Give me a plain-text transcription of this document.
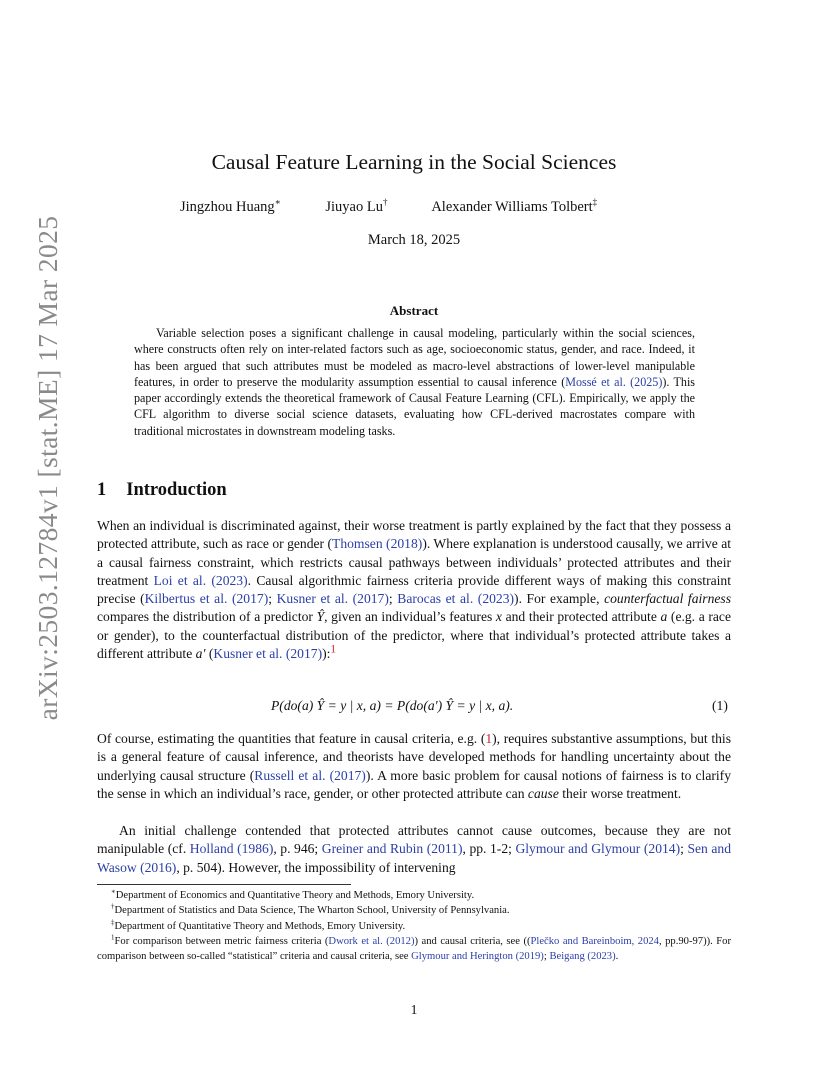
arXiv:2503.12784v1 [stat.ME] 17 Mar 2025
Causal Feature Learning in the Social Sciences
Jingzhou Huang∗	Jiuyao Lu†	Alexander Williams Tolbert‡
March 18, 2025
Abstract
Variable selection poses a significant challenge in causal modeling, particularly within the social sciences, where constructs often rely on inter-related factors such as age, socioeconomic status, gender, and race. Indeed, it has been argued that such attributes must be modeled as macro-level abstractions of lower-level manipulable features, in order to preserve the modularity assumption essential to causal inference (Mossé et al. (2025)). This paper accordingly extends the theoretical framework of Causal Feature Learning (CFL). Empirically, we apply the CFL algorithm to diverse social science datasets, evaluating how CFL-derived macrostates compare with traditional microstates in downstream modeling tasks.
1 Introduction
When an individual is discriminated against, their worse treatment is partly explained by the fact that they possess a protected attribute, such as race or gender (Thomsen (2018)). Where explanation is understood causally, we arrive at a causal fairness constraint, which restricts causal pathways between individuals’ protected attributes and their treatment Loi et al. (2023). Causal algorithmic fairness criteria provide different ways of making this constraint precise (Kilbertus et al. (2017); Kusner et al. (2017); Barocas et al. (2023)). For example, counterfactual fairness compares the distribution of a predictor Ŷ, given an individual’s features x and their protected attribute a (e.g. a race or gender), to the counterfactual distribution of the predictor, where that individual’s protected attribute takes a different attribute a′ (Kusner et al. (2017)):$^1$
P(do(a) Ŷ = y | x, a) = P(do(a′) Ŷ = y | x, a).	(1)
Of course, estimating the quantities that feature in causal criteria, e.g. (1), requires substantive assumptions, but this is a general feature of causal inference, and theorists have developed methods for handling uncertainty about the underlying causal structure (Russell et al. (2017)). A more basic problem for causal notions of fairness is to clarify the sense in which an individual’s race, gender, or other protected attribute can cause their worse treatment.
An initial challenge contended that protected attributes cannot cause outcomes, because they are not manipulable (cf. Holland (1986), p. 946; Greiner and Rubin (2011), pp. 1-2; Glymour and Glymour (2014); Sen and Wasow (2016), p. 504). However, the impossibility of intervening
∗Department of Economics and Quantitative Theory and Methods, Emory University.
†Department of Statistics and Data Science, The Wharton School, University of Pennsylvania.
‡Department of Quantitative Theory and Methods, Emory University.
$^1$For comparison between metric fairness criteria (Dwork et al. (2012)) and causal criteria, see ((Plečko and Bareinboim, 2024, pp.90-97)). For comparison between so-called “statistical” criteria and causal criteria, see Glymour and Herington (2019); Beigang (2023).
1
